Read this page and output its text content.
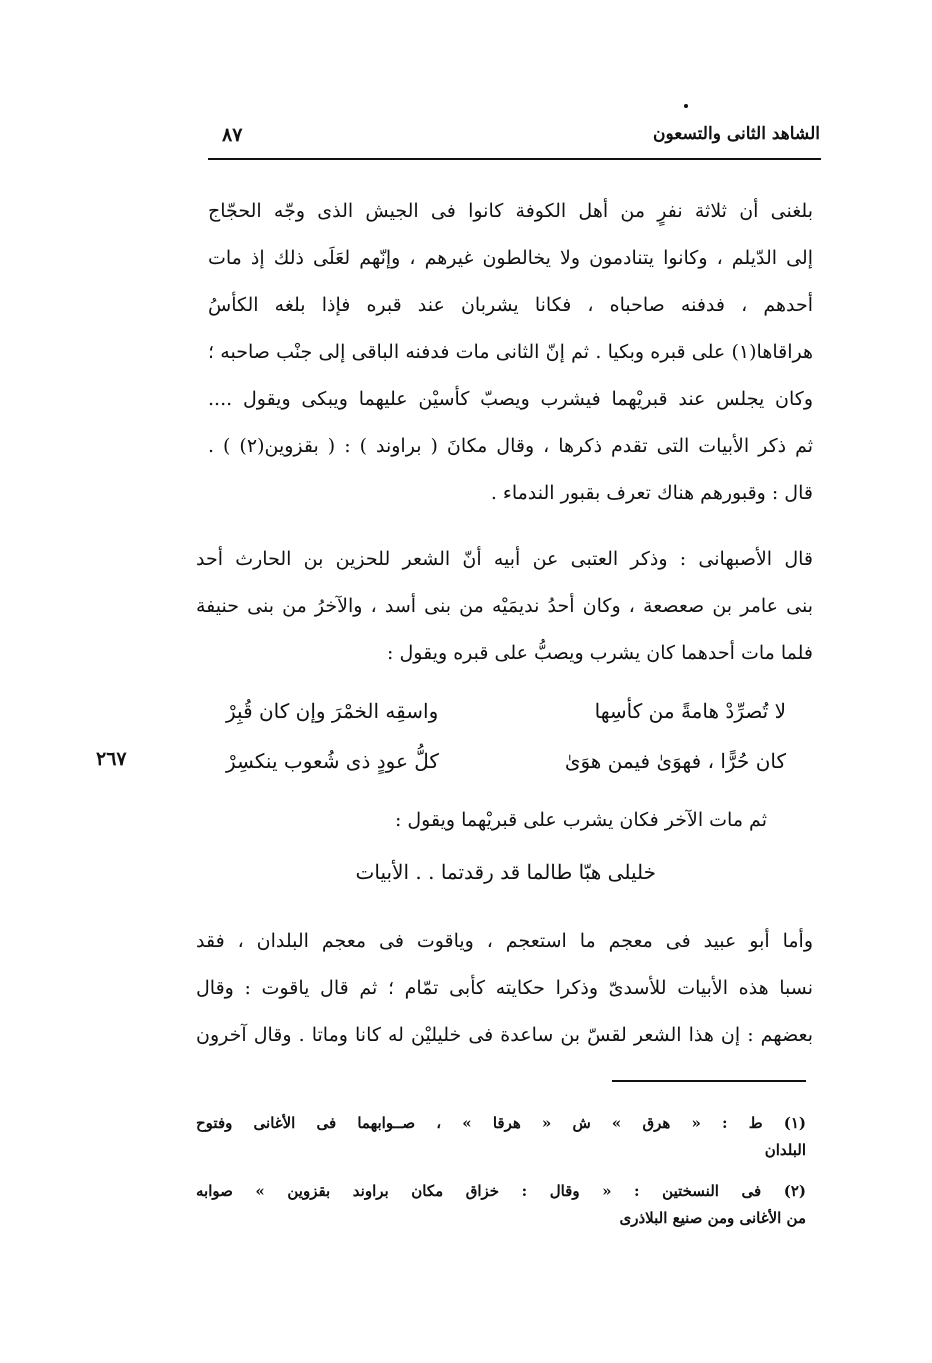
الشاهد الثانى والتسعون
٨٧
بلغنى أن ثلاثة نفرٍ من أهل الكوفة كانوا فى الجيش الذى وجّه الحجّاج
إلى الدّيلم ، وكانوا يتنادمون ولا يخالطون غيرهم ، وإنّهم لعَلَى ذلك إذ مات
أحدهم ، فدفنه صاحباه ، فكانا يشربان عند قبره فإذا بلغه الكأسُ
هراقاها(١) على قبره وبكيا . ثم إنّ الثانى مات فدفنه الباقى إلى جنْب صاحبه ؛
وكان يجلس عند قبريْهما فيشرب ويصبّ كأسيْن عليهما ويبكى ويقول ....
ثم ذكر الأبيات التى تقدم ذكرها ، وقال مكانَ ( براوند ) : ( بقزوين(٢) ) .
قال : وقبورهم هناك تعرف بقبور الندماء .
قال الأصبهانى : وذكر العتبى عن أبيه أنّ الشعر للحزين بن الحارث أحد
بنى عامر بن صعصعة ، وكان أحدُ نديمَيْه من بنى أسد ، والآخرُ من بنى حنيفة
فلما مات أحدهما كان يشرب ويصبُّ على قبره ويقول :
لا تُصرِّدْ هامةً من كأسِها
واسقِه الخمْرَ وإن كان قُبِرْ
كان حُرًّا ، فهوَىٰ فيمن هوَىٰ
كلُّ عودٍ ذى شُعوب ينكسِرْ
٢٦٧
ثم مات الآخر فكان يشرب على قبريْهما ويقول :
خليلى هبّا طالما قد رقدتما . . الأبيات
وأما أبو عبيد فى معجم ما استعجم ، وياقوت فى معجم البلدان ، فقد
نسبا هذه الأبيات للأسدىّ وذكرا حكايته كأبى تمّام ؛ ثم قال ياقوت : وقال
بعضهم : إن هذا الشعر لقسّ بن ساعدة فى خليليْن له كانا وماتا . وقال آخرون
(١) ط : « هرق » ش « هرقا » ، صــوابهما فى الأغانى وفتوح
البلدان
(٢) فى النسختين : « وقال : خزاق مكان براوند بقزوين » صوابه
من الأغانى ومن صنيع البلاذرى
